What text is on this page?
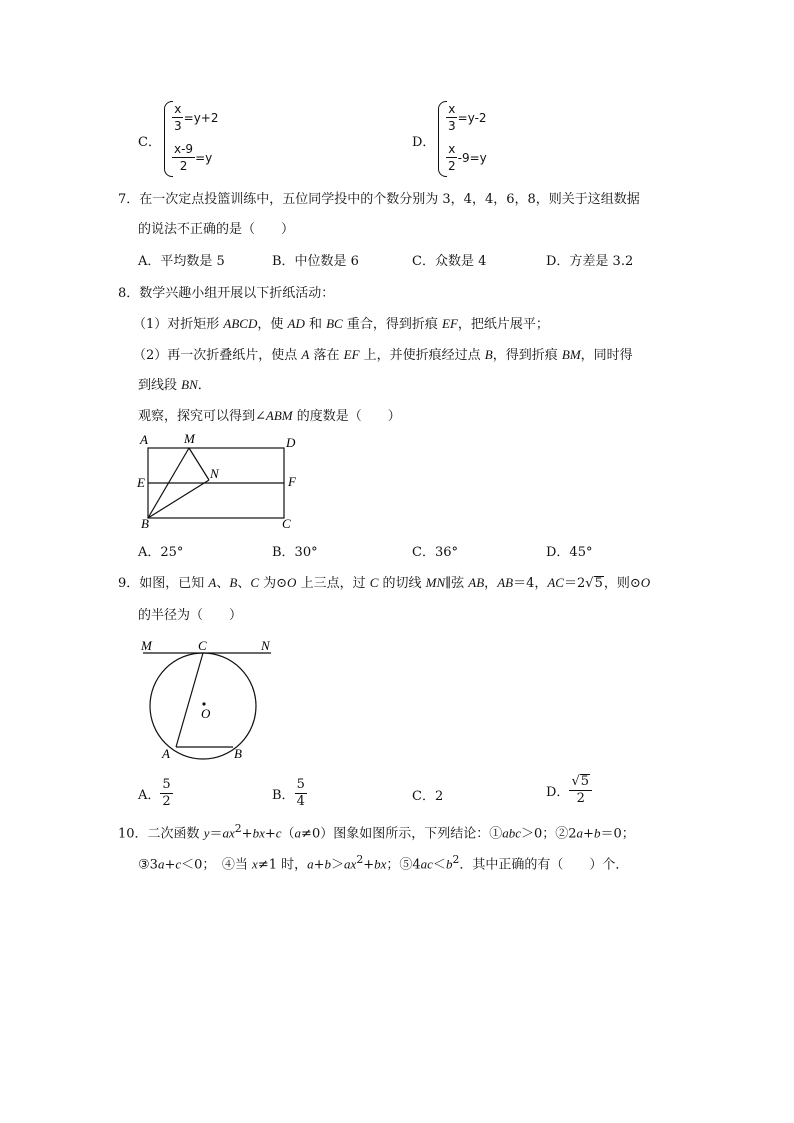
C．
$\frac{x}{3} =y+2$
$\frac{x-9}{2} =y$
D．
$\frac{x}{3} =y-2$
$\frac{x}{2} -9=y$
7．在一次定点投篮训练中，五位同学投中的个数分别为 3，4，4，6，8，则关于这组数据
的说法不正确的是（　　）
A．平均数是 5	B．中位数是 6	C．众数是 4	D．方差是 3.2
8．数学兴趣小组开展以下折纸活动：
（1）对折矩形 ABCD，使 AD 和 BC 重合，得到折痕 EF，把纸片展平；
（2）再一次折叠纸片，使点 A 落在 EF 上，并使折痕经过点 B，得到折痕 BM，同时得
到线段 BN．
观察，探究可以得到∠ABM 的度数是（　　）
A	M	D
N
E	F
B	C
A．25°	B．30°	C．36°	D．45°
9．如图，已知 A、B、C 为⊙O 上三点，过 C 的切线 MN∥弦 AB，AB＝4，AC＝2 √ 5 ，则⊙O
的半径为（　　）
M	C	N
O
A	B
A． $\frac{5}{2}$	B． $\frac{5}{4}$	C．2	D． $\frac{√ 5}{2}$
10．二次函数 $y=ax^2+bx+c(a\ne 0)$图象如图所示，下列结论：①abc＞0；②2a+b＝0；
③3a+c＜0；　④当 x≠1 时，$a+b>ax^2+bx$；$⑤4ac<b^2$．其中正确的有（　　）个．
